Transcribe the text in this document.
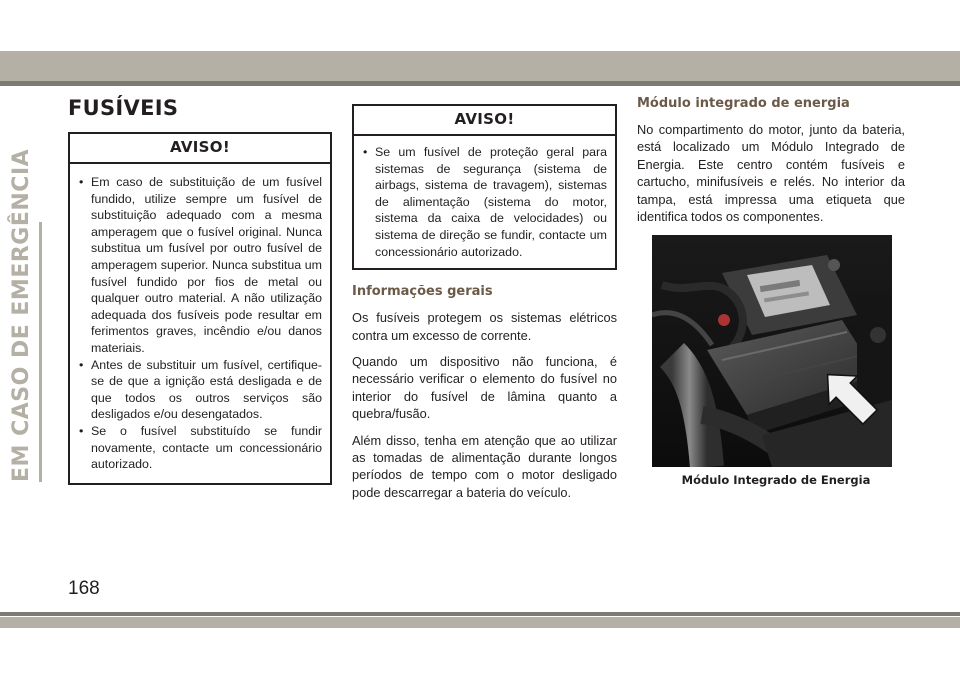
EM CASO DE EMERGÊNCIA
FUSÍVEIS
AVISO!
• Em caso de substituição de um fusível fundido, utilize sempre um fusível de substituição adequado com a mesma amperagem que o fusível original. Nunca substitua um fusível por outro fusível de amperagem superior. Nunca substitua um fusível fundido por fios de metal ou qualquer outro material. A não utilização adequada dos fusíveis pode resultar em ferimentos graves, incêndio e/ou danos materiais.
• Antes de substituir um fusível, certifique-se de que a ignição está desligada e de que todos os outros serviços são desligados e/ou desengatados.
• Se o fusível substituído se fundir novamente, contacte um concessionário autorizado.
AVISO!
• Se um fusível de proteção geral para sistemas de segurança (sistema de airbags, sistema de travagem), sistemas de alimentação (sistema do motor, sistema da caixa de velocidades) ou sistema de direção se fundir, contacte um concessionário autorizado.
Informações gerais

Os fusíveis protegem os sistemas elétricos contra um excesso de corrente.

Quando um dispositivo não funciona, é necessário verificar o elemento do fusível no interior do fusível de lâmina quanto a quebra/fusão.

Além disso, tenha em atenção que ao utilizar as tomadas de alimentação durante longos períodos de tempo com o motor desligado pode descarregar a bateria do veículo.

Módulo integrado de energia

No compartimento do motor, junto da bateria, está localizado um Módulo Integrado de Energia. Este centro contém fusíveis e cartucho, minifusíveis e relés. No interior da tampa, está impressa uma etiqueta que identifica todos os componentes.

Módulo Integrado de Energia
168
